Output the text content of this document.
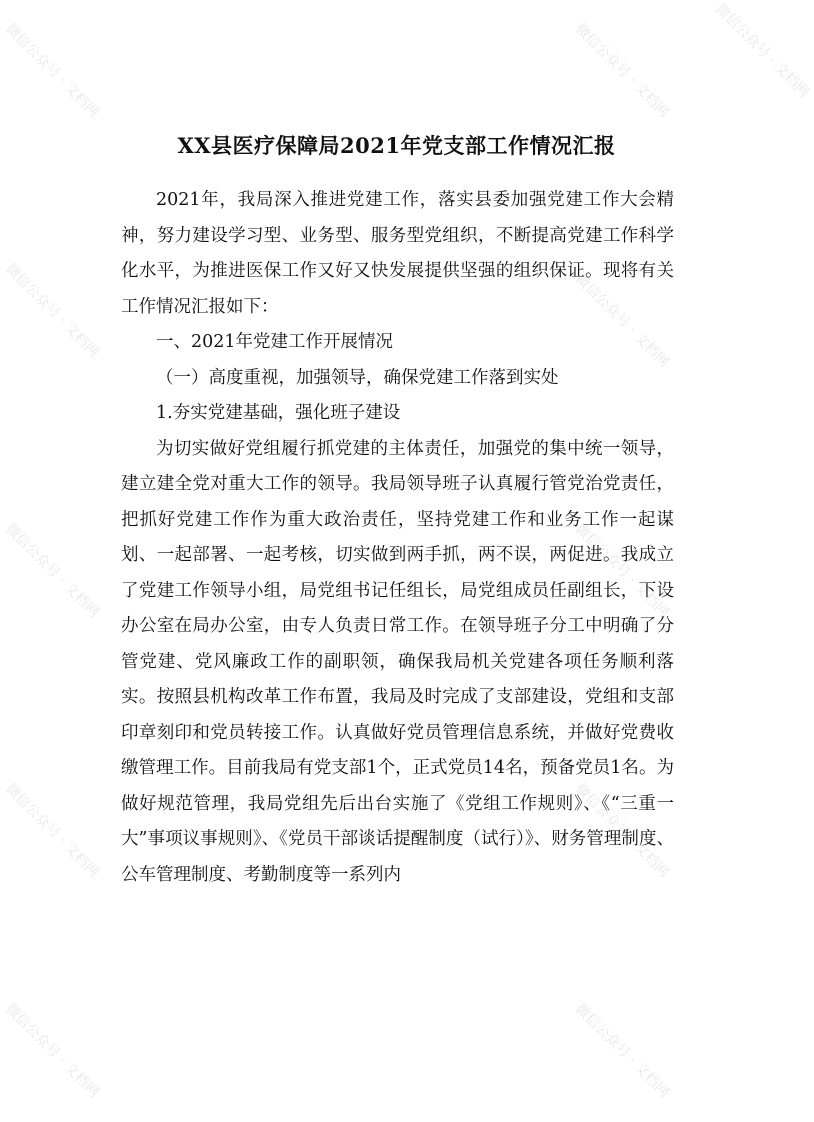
微信公众号 · 文档网	微信公众号 · 文档网	微信公众号 · 文档网
微信公众号 · 文档网	微信公众号 · 文档网
微信公众号 · 文档网	微信公众号 · 文档网
微信公众号 · 文档网	微信公众号 · 文档网
微信公众号 · 文档网	微信公众号 · 文档网
XX县医疗保障局2021年党支部工作情况汇报

2021年，我局深入推进党建工作，落实县委加强党建工作大会精神，努力建设学习型、业务型、服务型党组织，不断提高党建工作科学化水平，为推进医保工作又好又快发展提供坚强的组织保证。现将有关工作情况汇报如下：

一、2021年党建工作开展情况

（一）高度重视，加强领导，确保党建工作落到实处

1.夯实党建基础，强化班子建设

为切实做好党组履行抓党建的主体责任，加强党的集中统一领导，建立建全党对重大工作的领导。我局领导班子认真履行管党治党责任，把抓好党建工作作为重大政治责任，坚持党建工作和业务工作一起谋划、一起部署、一起考核，切实做到两手抓，两不误，两促进。我成立了党建工作领导小组，局党组书记任组长，局党组成员任副组长，下设办公室在局办公室，由专人负责日常工作。在领导班子分工中明确了分管党建、党风廉政工作的副职领，确保我局机关党建各项任务顺利落实。按照县机构改革工作布置，我局及时完成了支部建设，党组和支部印章刻印和党员转接工作。认真做好党员管理信息系统，并做好党费收缴管理工作。目前我局有党支部1个，正式党员14名，预备党员1名。为做好规范管理，我局党组先后出台实施了《党组工作规则》、《“三重一大”事项议事规则》、《党员干部谈话提醒制度（试行）》、财务管理制度、公车管理制度、考勤制度等一系列内
